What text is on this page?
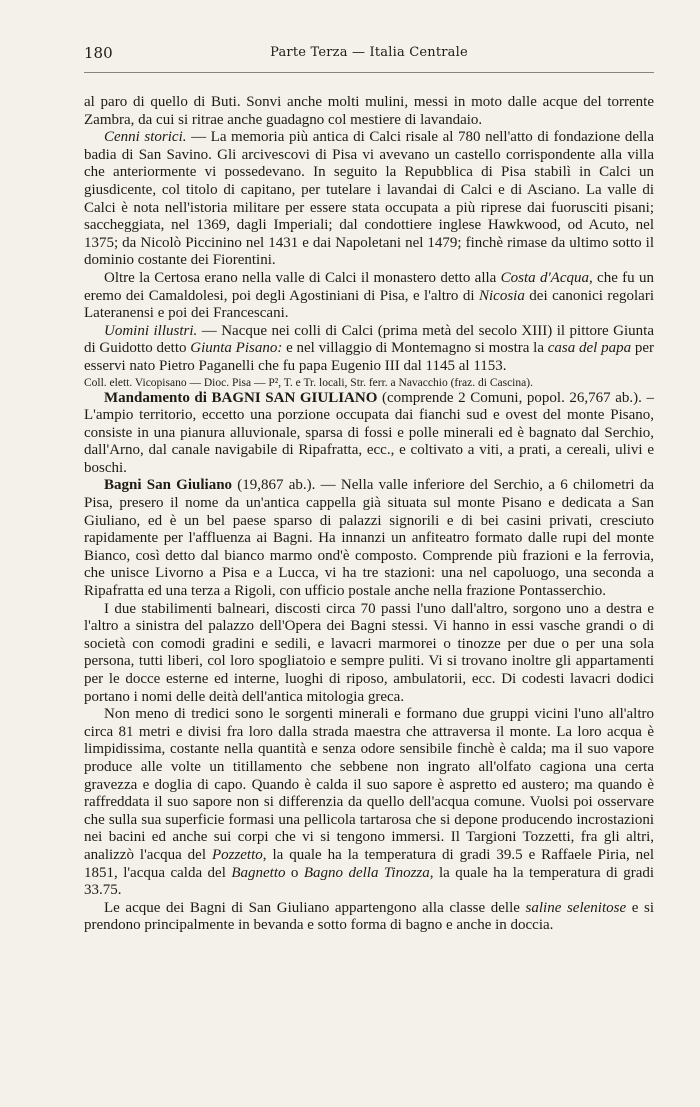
180	Parte Terza — Italia Centrale

al paro di quello di Buti. Sonvi anche molti mulini, messi in moto dalle acque del torrente Zambra, da cui si ritrae anche guadagno col mestiere di lavandaio.

Cenni storici. — La memoria più antica di Calci risale al 780 nell'atto di fondazione della badia di San Savino. Gli arcivescovi di Pisa vi avevano un castello corrispondente alla villa che anteriormente vi possedevano. In seguito la Repubblica di Pisa stabilì in Calci un giusdicente, col titolo di capitano, per tutelare i lavandai di Calci e di Asciano. La valle di Calci è nota nell'istoria militare per essere stata occupata a più riprese dai fuorusciti pisani; saccheggiata, nel 1369, dagli Imperiali; dal condottiere inglese Hawkwood, od Acuto, nel 1375; da Nicolò Piccinino nel 1431 e dai Napoletani nel 1479; finchè rimase da ultimo sotto il dominio costante dei Fiorentini.

Oltre la Certosa erano nella valle di Calci il monastero detto alla Costa d'Acqua, che fu un eremo dei Camaldolesi, poi degli Agostiniani di Pisa, e l'altro di Nicosia dei canonici regolari Lateranensi e poi dei Francescani.

Uomini illustri. — Nacque nei colli di Calci (prima metà del secolo XIII) il pittore Giunta di Guidotto detto Giunta Pisano: e nel villaggio di Montemagno si mostra la casa del papa per esservi nato Pietro Paganelli che fu papa Eugenio III dal 1145 al 1153.

Coll. elett. Vicopisano — Dioc. Pisa — P², T. e Tr. locali, Str. ferr. a Navacchio (fraz. di Cascina).

Mandamento di BAGNI SAN GIULIANO (comprende 2 Comuni, popol. 26,767 ab.). – L'ampio territorio, eccetto una porzione occupata dai fianchi sud e ovest del monte Pisano, consiste in una pianura alluvionale, sparsa di fossi e polle minerali ed è bagnato dal Serchio, dall'Arno, dal canale navigabile di Ripafratta, ecc., e coltivato a viti, a prati, a cereali, ulivi e boschi.

Bagni San Giuliano (19,867 ab.). — Nella valle inferiore del Serchio, a 6 chilometri da Pisa, presero il nome da un'antica cappella già situata sul monte Pisano e dedicata a San Giuliano, ed è un bel paese sparso di palazzi signorili e di bei casini privati, cresciuto rapidamente per l'affluenza ai Bagni. Ha innanzi un anfiteatro formato dalle rupi del monte Bianco, così detto dal bianco marmo ond'è composto. Comprende più frazioni e la ferrovia, che unisce Livorno a Pisa e a Lucca, vi ha tre stazioni: una nel capoluogo, una seconda a Ripafratta ed una terza a Rigoli, con ufficio postale anche nella frazione Pontasserchio.

I due stabilimenti balneari, discosti circa 70 passi l'uno dall'altro, sorgono uno a destra e l'altro a sinistra del palazzo dell'Opera dei Bagni stessi. Vi hanno in essi vasche grandi o di società con comodi gradini e sedili, e lavacri marmorei o tinozze per due o per una sola persona, tutti liberi, col loro spogliatoio e sempre puliti. Vi si trovano inoltre gli appartamenti per le docce esterne ed interne, luoghi di riposo, ambulatorii, ecc. Di codesti lavacri dodici portano i nomi delle deità dell'antica mitologia greca.

Non meno di tredici sono le sorgenti minerali e formano due gruppi vicini l'uno all'altro circa 81 metri e divisi fra loro dalla strada maestra che attraversa il monte. La loro acqua è limpidissima, costante nella quantità e senza odore sensibile finchè è calda; ma il suo vapore produce alle volte un titillamento che sebbene non ingrato all'olfato cagiona una certa gravezza e doglia di capo. Quando è calda il suo sapore è aspretto ed austero; ma quando è raffreddata il suo sapore non si differenzia da quello dell'acqua comune. Vuolsi poi osservare che sulla sua superficie formasi una pellicola tartarosa che si depone producendo incrostazioni nei bacini ed anche sui corpi che vi si tengono immersi. Il Targioni Tozzetti, fra gli altri, analizzò l'acqua del Pozzetto, la quale ha la temperatura di gradi 39.5 e Raffaele Piria, nel 1851, l'acqua calda del Bagnetto o Bagno della Tinozza, la quale ha la temperatura di gradi 33.75.

Le acque dei Bagni di San Giuliano appartengono alla classe delle saline selenitose e si prendono principalmente in bevanda e sotto forma di bagno e anche in doccia.
